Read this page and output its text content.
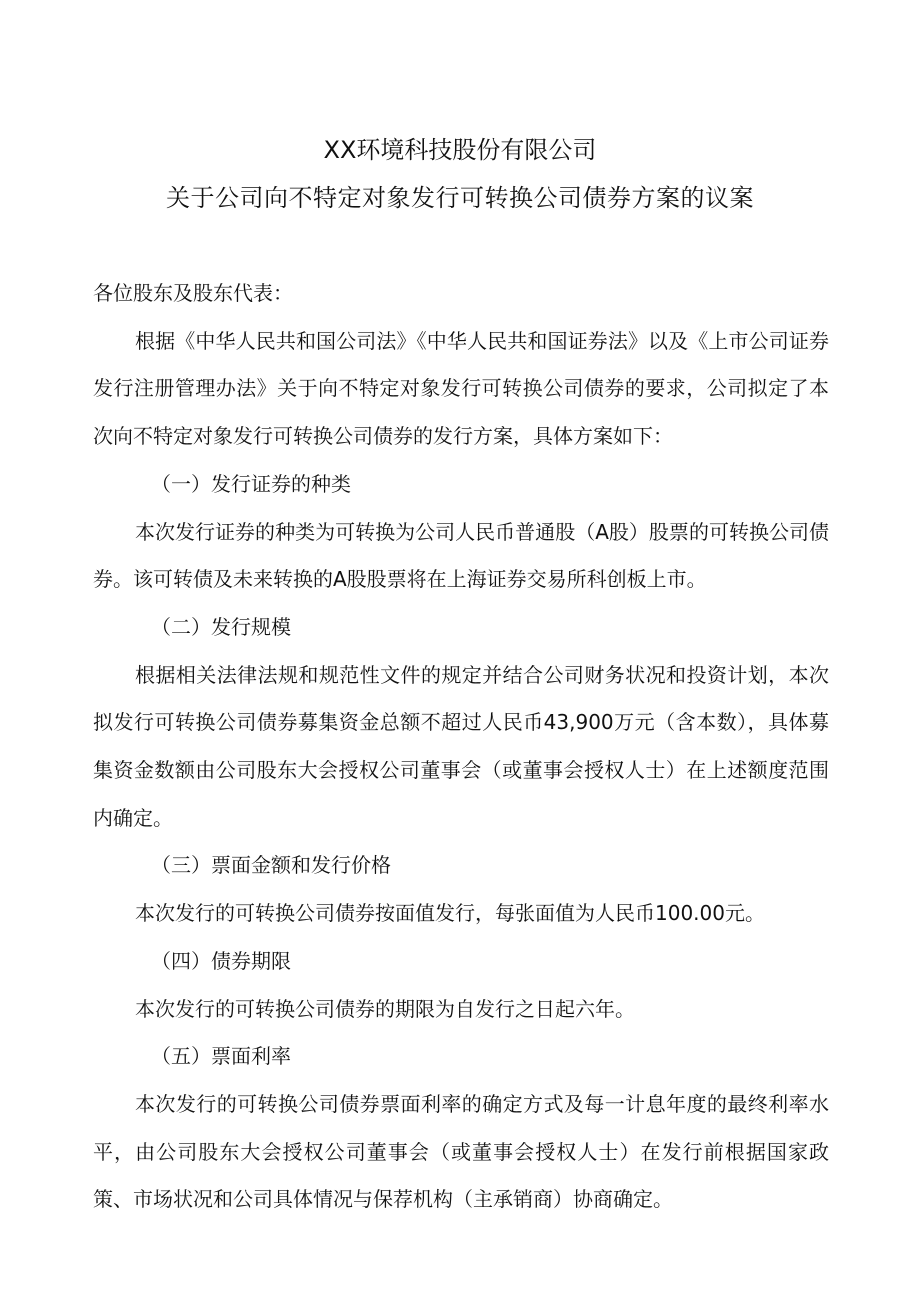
XX环境科技股份有限公司
关于公司向不特定对象发行可转换公司债券方案的议案

各位股东及股东代表：

根据《中华人民共和国公司法》《中华人民共和国证券法》以及《上市公司证券发行注册管理办法》关于向不特定对象发行可转换公司债券的要求，公司拟定了本次向不特定对象发行可转换公司债券的发行方案，具体方案如下：

（一）发行证券的种类

本次发行证券的种类为可转换为公司人民币普通股（A股）股票的可转换公司债券。该可转债及未来转换的A股股票将在上海证券交易所科创板上市。

（二）发行规模

根据相关法律法规和规范性文件的规定并结合公司财务状况和投资计划，本次拟发行可转换公司债券募集资金总额不超过人民币43,900万元（含本数），具体募集资金数额由公司股东大会授权公司董事会（或董事会授权人士）在上述额度范围内确定。

（三）票面金额和发行价格

本次发行的可转换公司债券按面值发行，每张面值为人民币100.00元。

（四）债券期限

本次发行的可转换公司债券的期限为自发行之日起六年。

（五）票面利率

本次发行的可转换公司债券票面利率的确定方式及每一计息年度的最终利率水平，由公司股东大会授权公司董事会（或董事会授权人士）在发行前根据国家政策、市场状况和公司具体情况与保荐机构（主承销商）协商确定。
